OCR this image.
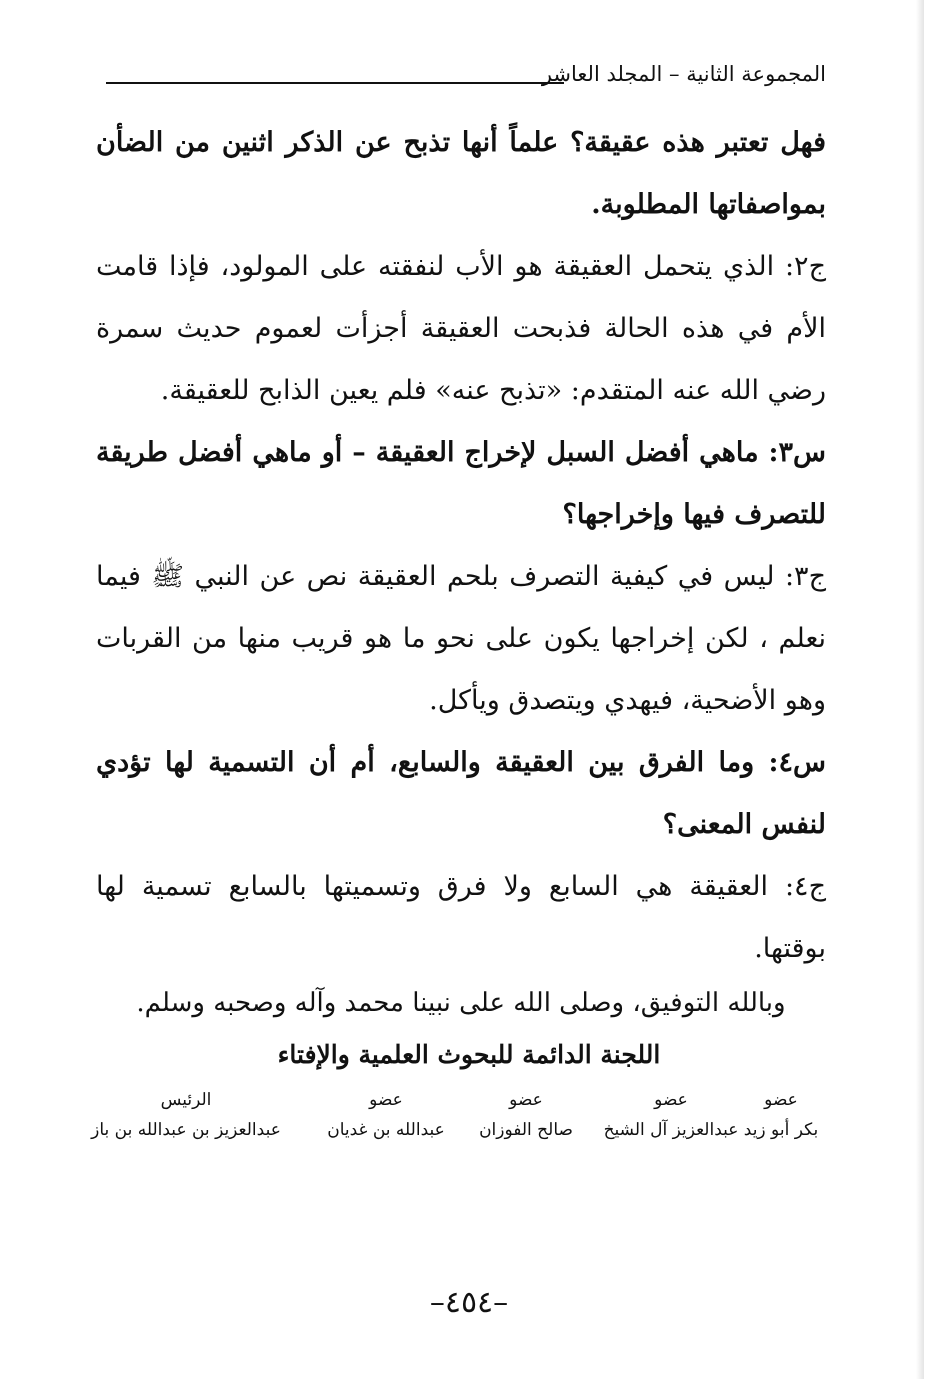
المجموعة الثانية – المجلد العاشر

فهل تعتبر هذه عقيقة؟ علماً أنها تذبح عن الذكر اثنين من الضأن بمواصفاتها المطلوبة.

ج٢: الذي يتحمل العقيقة هو الأب لنفقته على المولود، فإذا قامت الأم في هذه الحالة فذبحت العقيقة أجزأت لعموم حديث سمرة رضي الله عنه المتقدم: «تذبح عنه» فلم يعين الذابح للعقيقة.

س٣: ماهي أفضل السبل لإخراج العقيقة – أو ماهي أفضل طريقة للتصرف فيها وإخراجها؟

ج٣: ليس في كيفية التصرف بلحم العقيقة نص عن النبي ﷺ فيما نعلم ، لكن إخراجها يكون على نحو ما هو قريب منها من القربات وهو الأضحية، فيهدي ويتصدق ويأكل.

س٤: وما الفرق بين العقيقة والسابع، أم أن التسمية لها تؤدي لنفس المعنى؟

ج٤: العقيقة هي السابع ولا فرق وتسميتها بالسابع تسمية لها بوقتها.

وبالله التوفيق، وصلى الله على نبينا محمد وآله وصحبه وسلم.
اللجنة الدائمة للبحوث العلمية والإفتاء
عضو
بكر أبو زيد
عضو
عبدالعزيز آل الشيخ
عضو
صالح الفوزان
عضو
عبدالله بن غديان
الرئيس
عبدالعزيز بن عبدالله بن باز
–٤٥٤–
